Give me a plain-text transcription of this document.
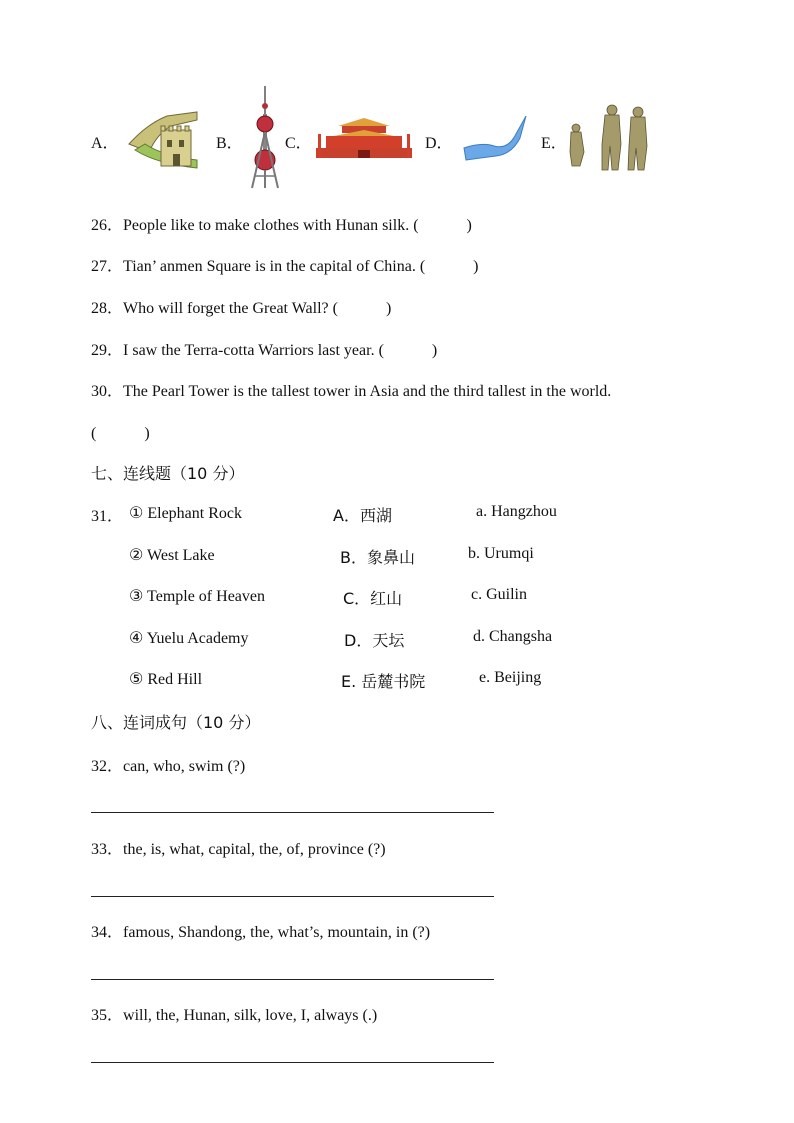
A．	B．	C．	D．	E．
26．People like to make clothes with Hunan silk. (　　　)
27．Tian’ anmen Square is in the capital of China. (　　　)
28．Who will forget the Great Wall? (　　　)
29．I saw the Terra-cotta Warriors last year. (　　　)
30．The Pearl Tower is the tallest tower in Asia and the third tallest in the world.
(　　　)
七、连线题（10 分）
31． ① Elephant Rock	A．西湖	a. Hangzhou
② West Lake	B．象鼻山	b. Urumqi
③ Temple of Heaven	C．红山	c. Guilin
④ Yuelu Academy	D．天坛	d. Changsha
⑤ Red Hill	E. 岳麓书院	e. Beijing
八、连词成句（10 分）
32．can, who, swim (?)
33．the, is, what, capital, the, of, province (?)
34．famous, Shandong, the, what’s, mountain, in (?)
35．will, the, Hunan, silk, love, I, always (.)
